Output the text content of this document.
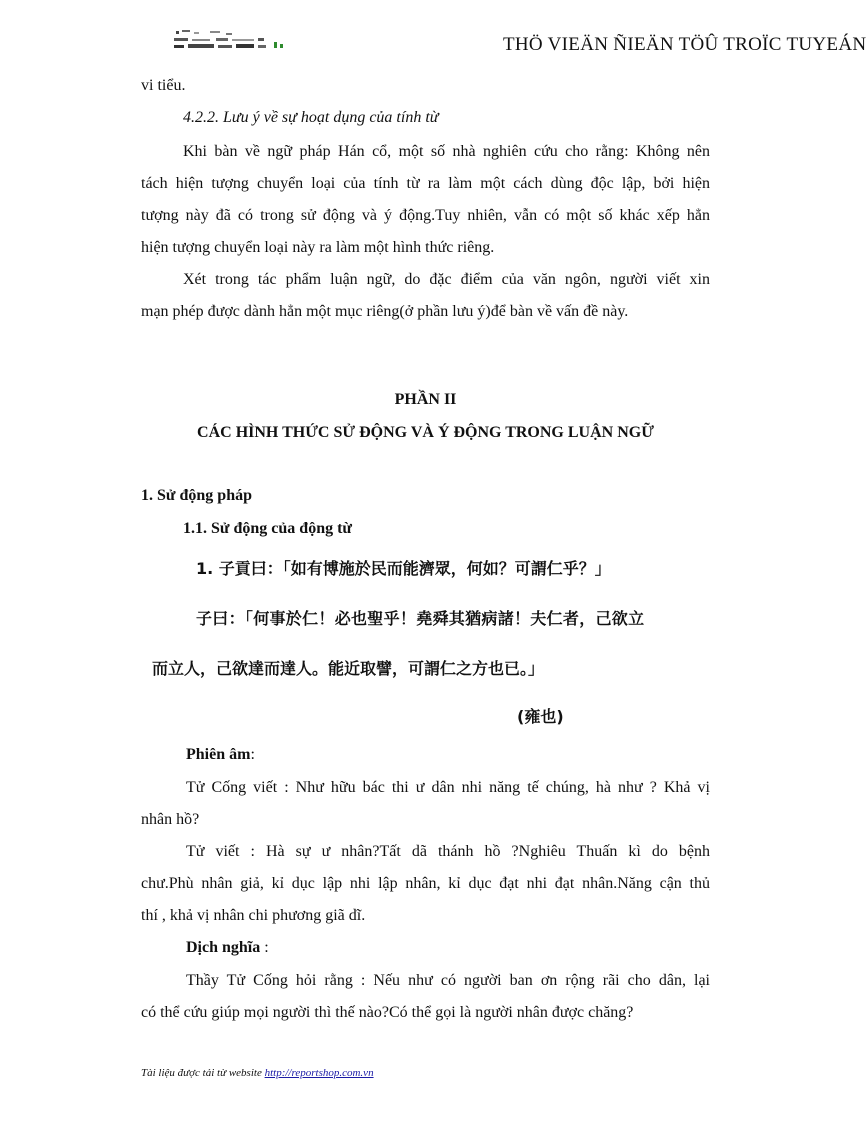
THÖ VIEÄN ÑIEÄN TÖÛ TROÏC TUYEÁN
vi tiểu.
4.2.2. Lưu ý về sự hoạt dụng của tính từ
Khi bàn về ngữ pháp Hán cổ, một số nhà nghiên cứu cho rằng: Không nên
tách hiện tượng chuyển loại của tính từ ra làm một cách dùng độc lập, bởi hiện
tượng này đã có trong sử động và ý động.Tuy nhiên, vẫn có một số khác xếp hẳn
hiện tượng chuyển loại này ra làm một hình thức riêng.
Xét trong tác phẩm luận ngữ, do đặc điểm của văn ngôn, người viết xin
mạn phép được dành hẳn một mục riêng(ở phần lưu ý)để bàn về vấn đề này.
PHẦN II
CÁC HÌNH THỨC SỬ ĐỘNG VÀ Ý ĐỘNG TRONG LUẬN NGỮ
1. Sử động pháp
1.1. Sử động của động từ
1. 子貢曰：「如有博施於民而能濟眾，何如？可謂仁乎？」
子曰：「何事於仁！必也聖乎！堯舜其猶病諸！夫仁者，己欲立
而立人，己欲達而達人。能近取譬，可謂仁之方也已。」
(雍也)
Phiên âm:
Tử Cống viết : Như hữu bác thi ư dân nhi năng tế chúng, hà như ? Khả vị
nhân hồ?
Tử viết : Hà sự ư nhân?Tất dã thánh hồ ?Nghiêu Thuấn kì do bệnh
chư.Phù nhân giả, kỉ dục lập nhi lập nhân, kỉ dục đạt nhi đạt nhân.Năng cận thủ
thí , khả vị nhân chi phương giã dĩ.
Dịch nghĩa :
Thầy Tử Cống hỏi rằng : Nếu như có người ban ơn rộng rãi cho dân, lại
có thể cứu giúp mọi người thì thế nào?Có thể gọi là người nhân được chăng?
Tài liệu được tải từ website http://reportshop.com.vn
